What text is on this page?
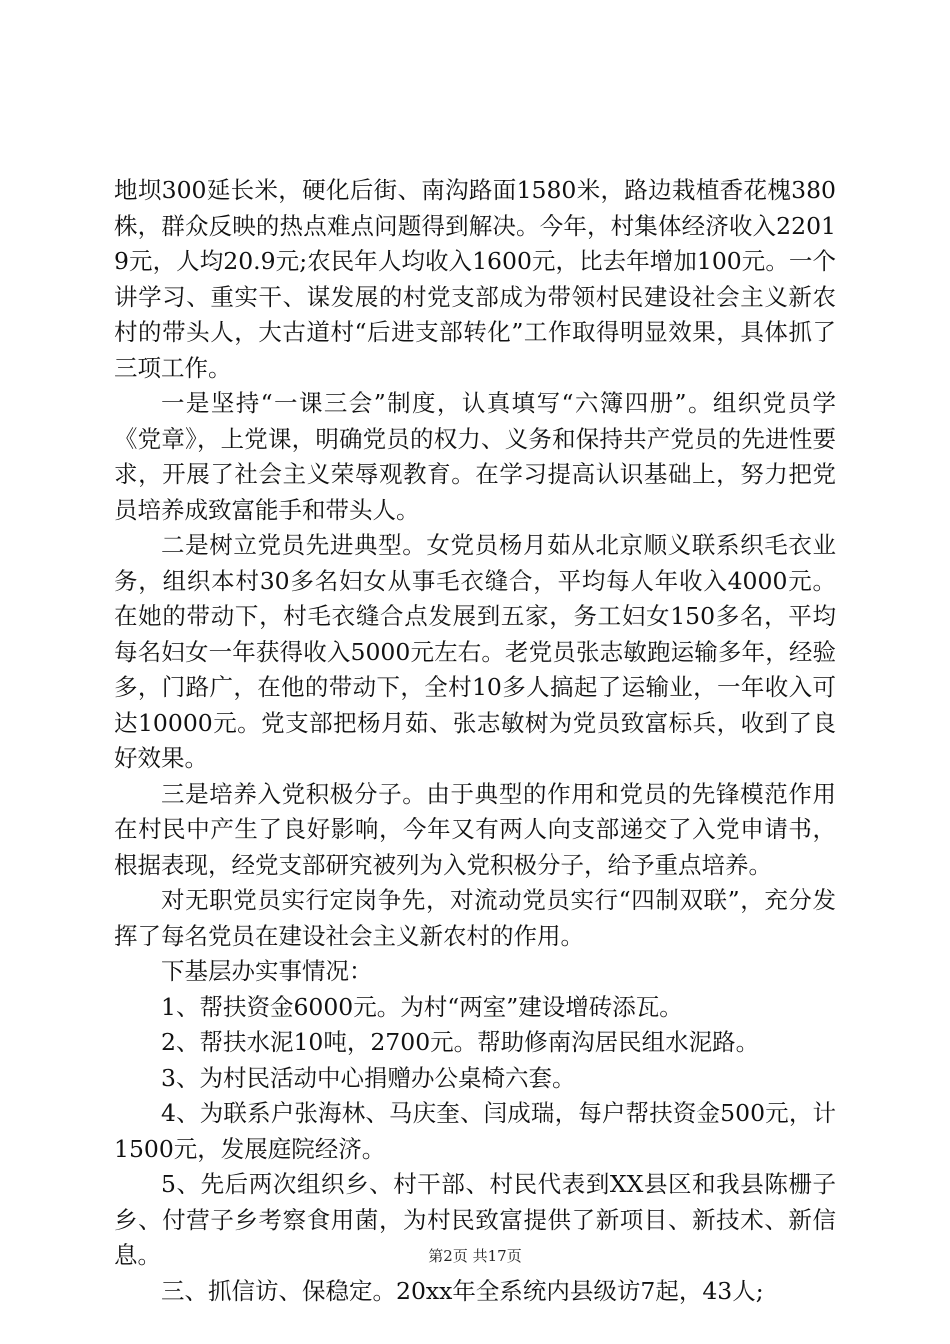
地坝300延长米，硬化后街、南沟路面1580米，路边栽植香花槐380株，群众反映的热点难点问题得到解决。今年，村集体经济收入22019元，人均20.9元;农民年人均收入1600元，比去年增加100元。一个讲学习、重实干、谋发展的村党支部成为带领村民建设社会主义新农村的带头人，大古道村“后进支部转化”工作取得明显效果，具体抓了三项工作。

一是坚持“一课三会”制度，认真填写“六簿四册”。组织党员学《党章》，上党课，明确党员的权力、义务和保持共产党员的先进性要求，开展了社会主义荣辱观教育。在学习提高认识基础上，努力把党员培养成致富能手和带头人。

二是树立党员先进典型。女党员杨月茹从北京顺义联系织毛衣业务，组织本村30多名妇女从事毛衣缝合，平均每人年收入4000元。在她的带动下，村毛衣缝合点发展到五家，务工妇女150多名，平均每名妇女一年获得收入5000元左右。老党员张志敏跑运输多年，经验多，门路广，在他的带动下，全村10多人搞起了运输业，一年收入可达10000元。党支部把杨月茹、张志敏树为党员致富标兵，收到了良好效果。

三是培养入党积极分子。由于典型的作用和党员的先锋模范作用在村民中产生了良好影响，今年又有两人向支部递交了入党申请书，根据表现，经党支部研究被列为入党积极分子，给予重点培养。

对无职党员实行定岗争先，对流动党员实行“四制双联”，充分发挥了每名党员在建设社会主义新农村的作用。

下基层办实事情况：

1、帮扶资金6000元。为村“两室”建设增砖添瓦。

2、帮扶水泥10吨，2700元。帮助修南沟居民组水泥路。

3、为村民活动中心捐赠办公桌椅六套。

4、为联系户张海林、马庆奎、闫成瑞，每户帮扶资金500元，计1500元，发展庭院经济。

5、先后两次组织乡、村干部、村民代表到XX县区和我县陈栅子乡、付营子乡考察食用菌，为村民致富提供了新项目、新技术、新信息。

三、抓信访、保稳定。20xx年全系统内县级访7起，43人;

第2页 共17页
